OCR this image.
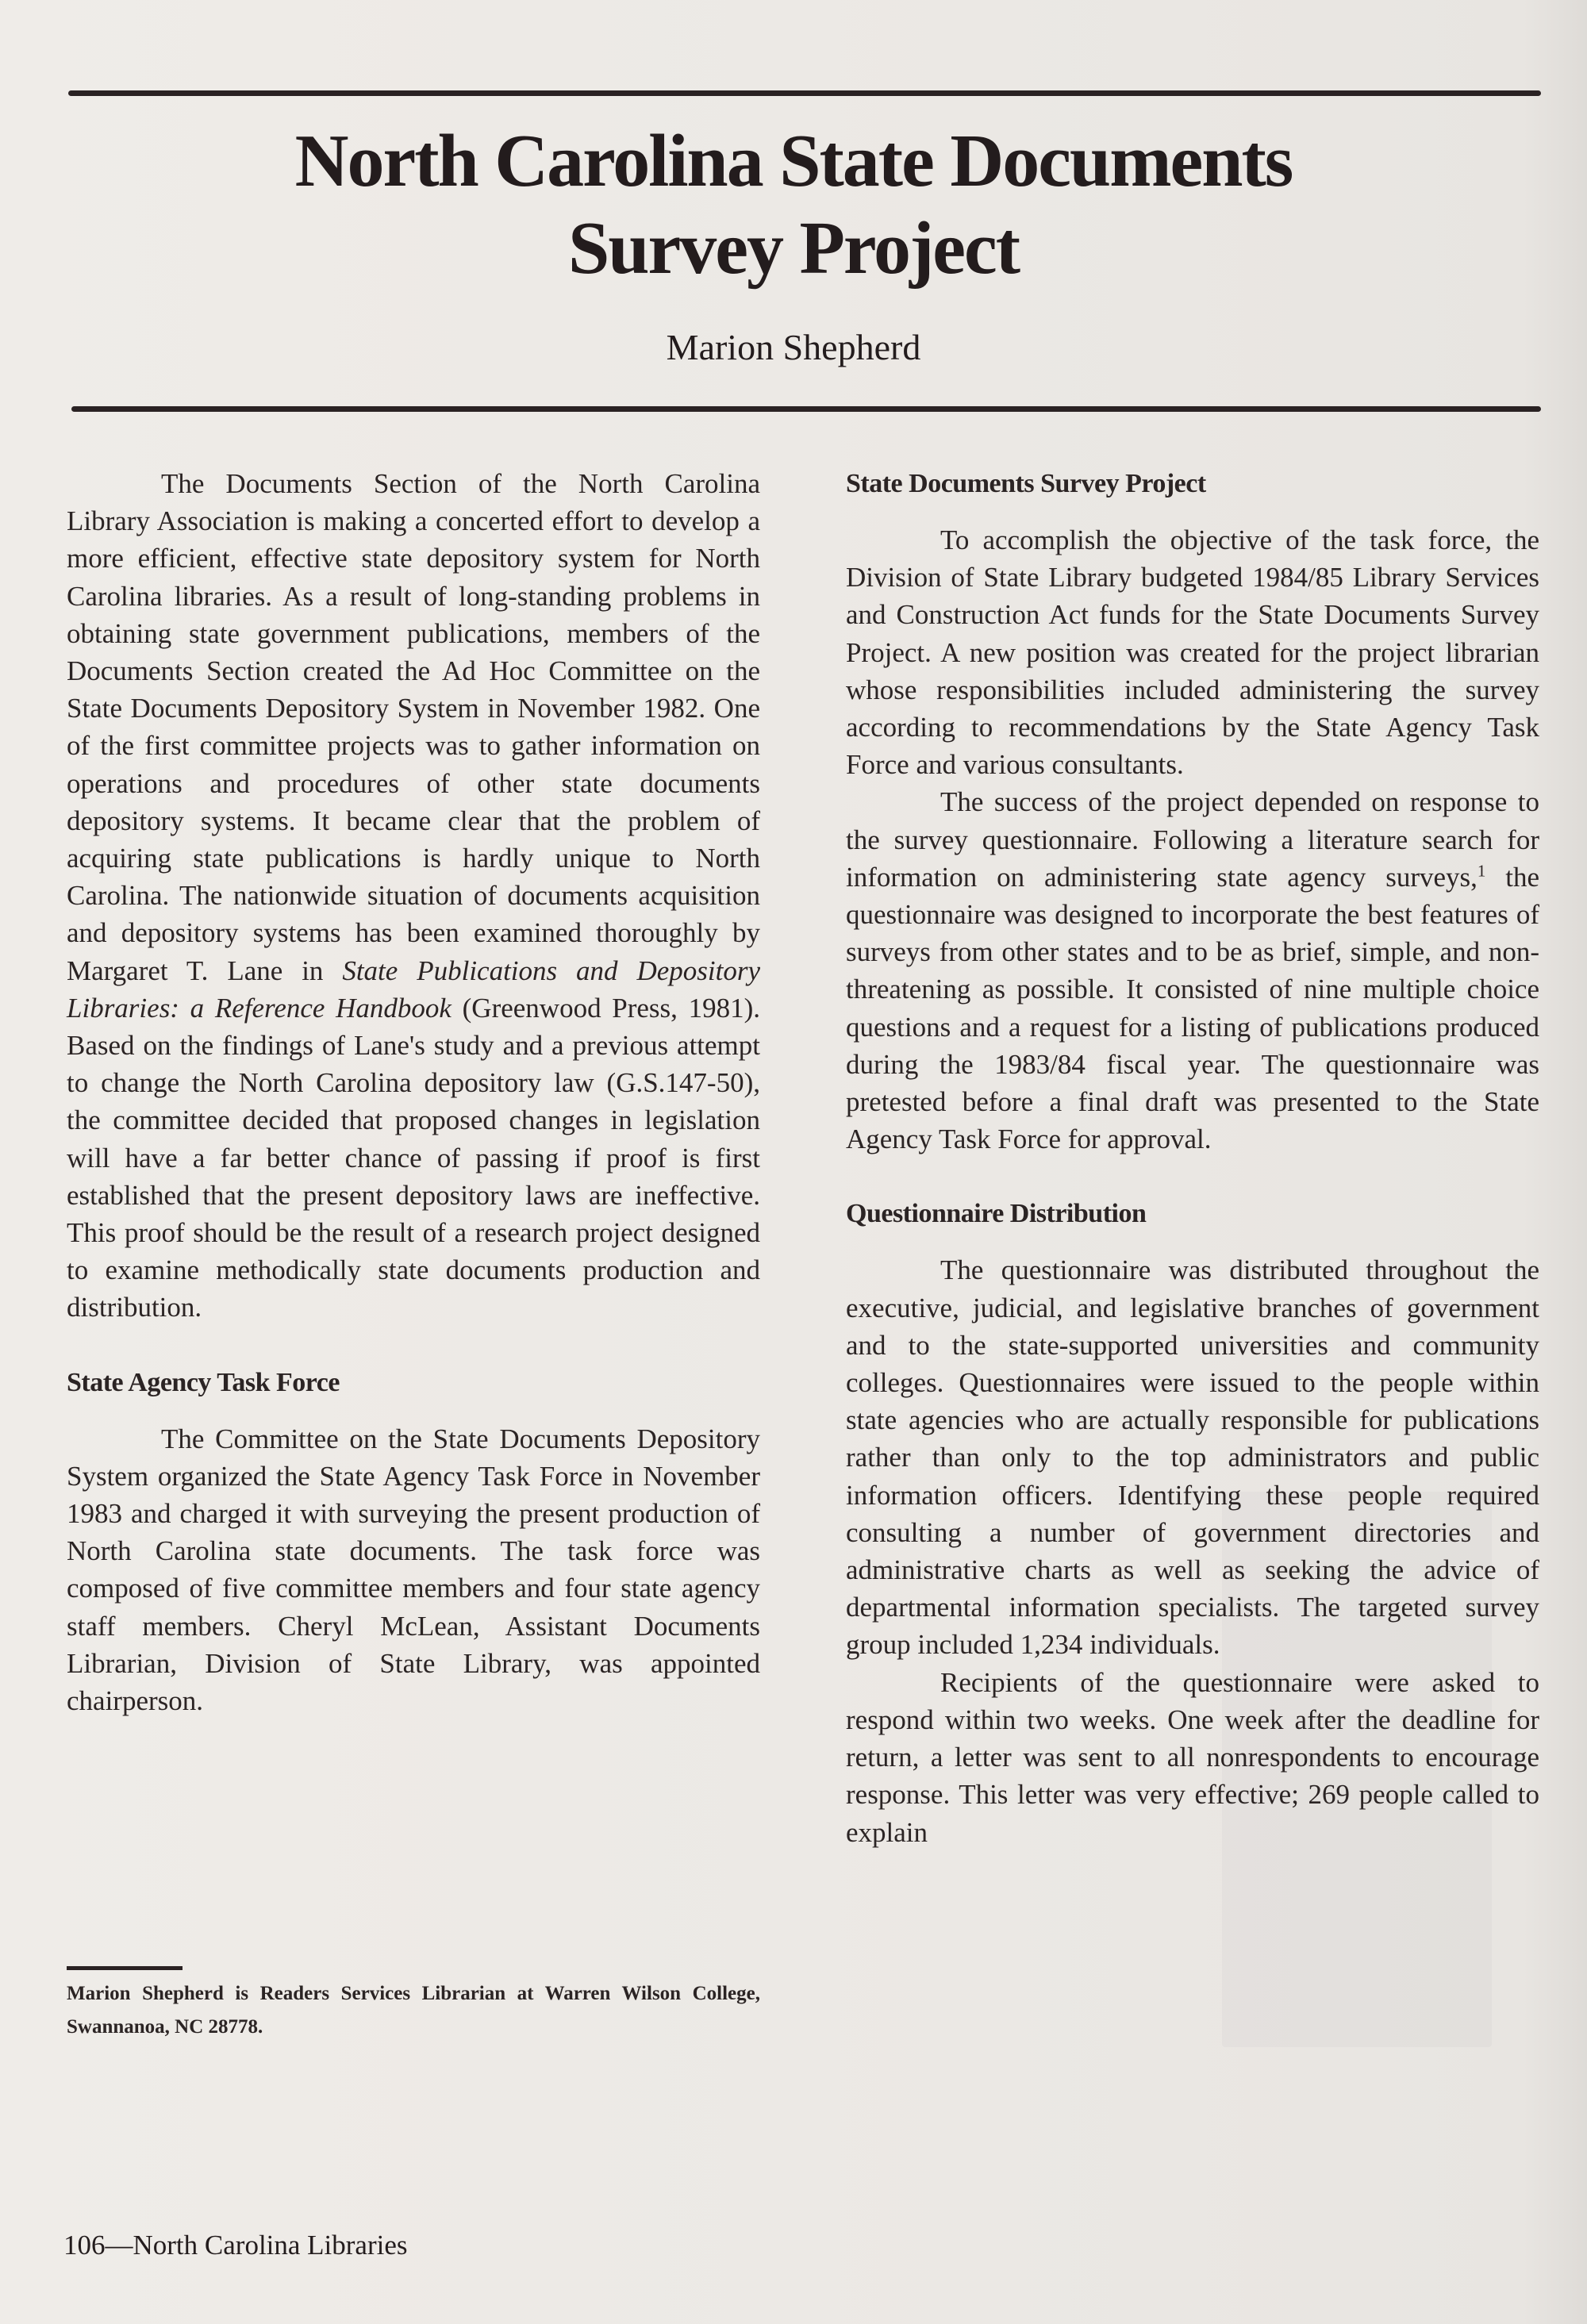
North Carolina State Documents
Survey Project
Marion Shepherd

The Documents Section of the North Carolina Library Association is making a concerted effort to develop a more efficient, effective state depository system for North Carolina libraries. As a result of long-standing problems in obtaining state government publications, members of the Documents Section created the Ad Hoc Committee on the State Documents Depository System in November 1982. One of the first committee projects was to gather information on operations and procedures of other state documents depository systems. It became clear that the problem of acquiring state publications is hardly unique to North Carolina. The nationwide situation of documents acquisition and depository systems has been examined thoroughly by Margaret T. Lane in State Publications and Depository Libraries: a Reference Handbook (Greenwood Press, 1981). Based on the findings of Lane's study and a previous attempt to change the North Carolina depository law (G.S.147-50), the committee decided that proposed changes in legislation will have a far better chance of passing if proof is first established that the present depository laws are ineffective. This proof should be the result of a research project designed to examine methodically state documents production and distribution.

State Agency Task Force

The Committee on the State Documents Depository System organized the State Agency Task Force in November 1983 and charged it with surveying the present production of North Carolina state documents. The task force was composed of five committee members and four state agency staff members. Cheryl McLean, Assistant Documents Librarian, Division of State Library, was appointed chairperson.

Marion Shepherd is Readers Services Librarian at Warren Wilson College, Swannanoa, NC 28778.
State Documents Survey Project

To accomplish the objective of the task force, the Division of State Library budgeted 1984/85 Library Services and Construction Act funds for the State Documents Survey Project. A new position was created for the project librarian whose responsibilities included administering the survey according to recommendations by the State Agency Task Force and various consultants.

The success of the project depended on response to the survey questionnaire. Following a literature search for information on administering state agency surveys,$^1$ the questionnaire was designed to incorporate the best features of surveys from other states and to be as brief, simple, and non-threatening as possible. It consisted of nine multiple choice questions and a request for a listing of publications produced during the 1983/84 fiscal year. The questionnaire was pretested before a final draft was presented to the State Agency Task Force for approval.

Questionnaire Distribution

The questionnaire was distributed throughout the executive, judicial, and legislative branches of government and to the state-supported universities and community colleges. Questionnaires were issued to the people within state agencies who are actually responsible for publications rather than only to the top administrators and public information officers. Identifying these people required consulting a number of government directories and administrative charts as well as seeking the advice of departmental information specialists. The targeted survey group included 1,234 individuals.

Recipients of the questionnaire were asked to respond within two weeks. One week after the deadline for return, a letter was sent to all nonrespondents to encourage response. This letter was very effective; 269 people called to explain

106—North Carolina Libraries
